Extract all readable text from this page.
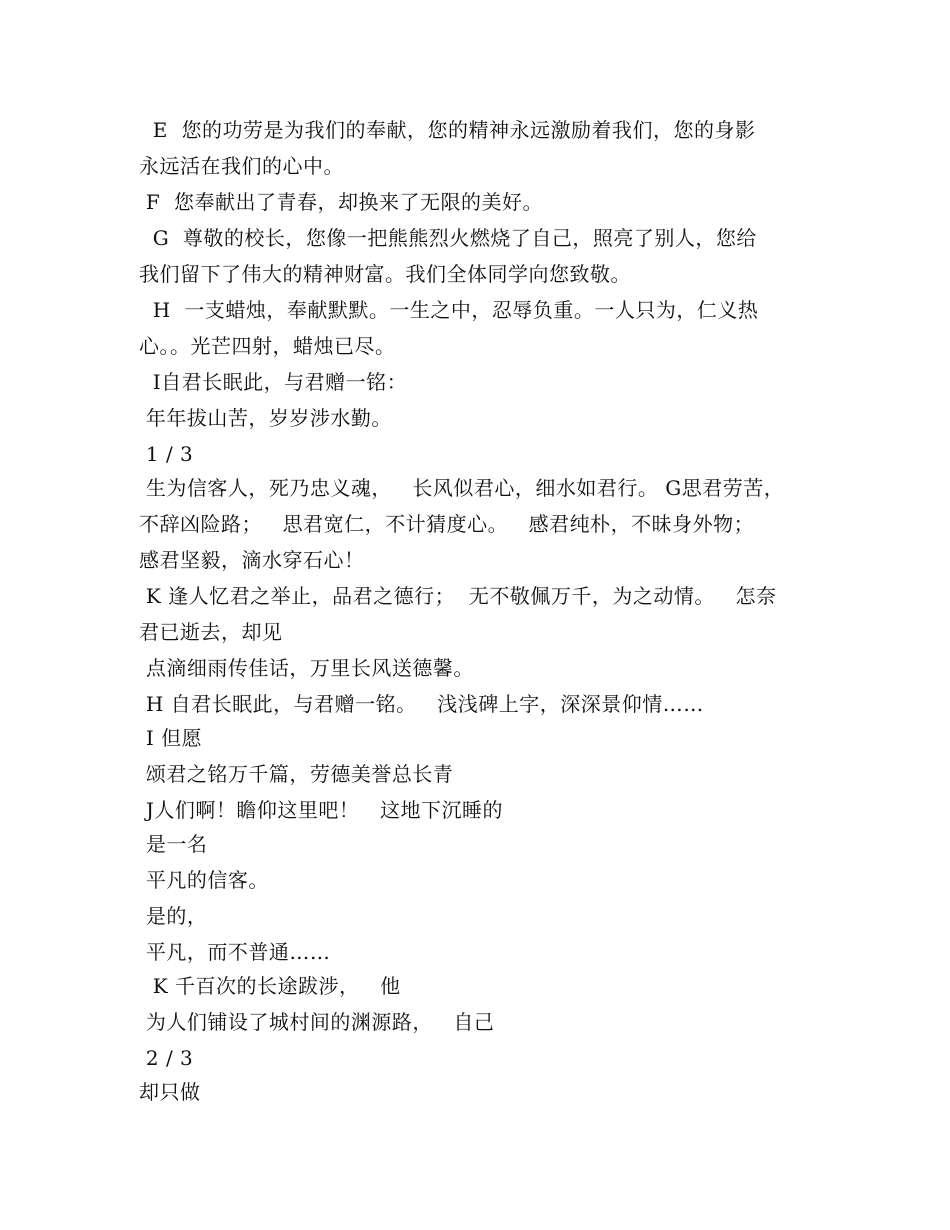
E  您的功劳是为我们的奉献，您的精神永远激励着我们，您的身影
永远活在我们的心中。
F  您奉献出了青春，却换来了无限的美好。
G  尊敬的校长，您像一把熊熊烈火燃烧了自己，照亮了别人，您给
我们留下了伟大的精神财富。我们全体同学向您致敬。
H  一支蜡烛，奉献默默。一生之中，忍辱负重。一人只为，仁义热
心。。光芒四射，蜡烛已尽。
I自君长眠此，与君赠一铭：
年年拔山苦，岁岁涉水勤。
1 / 3
生为信客人，死乃忠义魂，   长风似君心，细水如君行。 G思君劳苦，
不辞凶险路；   思君宽仁，不计猜度心。   感君纯朴，不昧身外物；
感君坚毅，滴水穿石心！
K 逢人忆君之举止，品君之德行；  无不敬佩万千，为之动情。   怎奈
君已逝去，却见
点滴细雨传佳话，万里长风送德馨。
H 自君长眠此，与君赠一铭。   浅浅碑上字，深深景仰情……
I 但愿
颂君之铭万千篇，劳德美誉总长青
J人们啊！瞻仰这里吧！   这地下沉睡的
是一名
平凡的信客。
是的，
平凡，而不普通……
K 千百次的长途跋涉，   他
为人们铺设了城村间的渊源路，   自己
2 / 3
却只做
